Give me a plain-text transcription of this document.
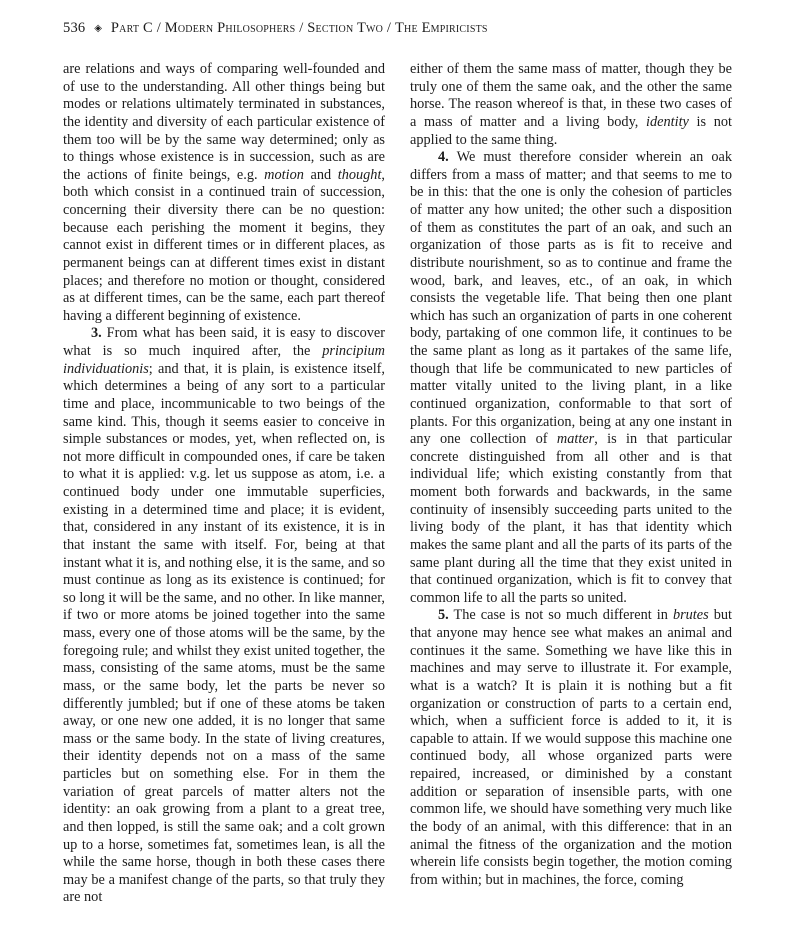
536 ◈ Part C / Modern Philosophers / Section Two / The Empiricists

are relations and ways of comparing well-founded and of use to the understanding. All other things being but modes or relations ultimately terminated in substances, the identity and diversity of each particular existence of them too will be by the same way determined; only as to things whose existence is in succession, such as are the actions of finite beings, e.g. motion and thought, both which consist in a continued train of succession, concerning their diversity there can be no question: because each perishing the moment it begins, they cannot exist in different times or in different places, as permanent beings can at different times exist in distant places; and therefore no motion or thought, considered as at different times, can be the same, each part thereof having a different beginning of existence.

3. From what has been said, it is easy to discover what is so much inquired after, the principium individuationis; and that, it is plain, is existence itself, which determines a being of any sort to a particular time and place, incommunicable to two beings of the same kind. This, though it seems easier to conceive in simple substances or modes, yet, when reflected on, is not more difficult in compounded ones, if care be taken to what it is applied: v.g. let us suppose as atom, i.e. a continued body under one immutable superficies, existing in a determined time and place; it is evident, that, considered in any instant of its existence, it is in that instant the same with itself. For, being at that instant what it is, and nothing else, it is the same, and so must continue as long as its existence is continued; for so long it will be the same, and no other. In like manner, if two or more atoms be joined together into the same mass, every one of those atoms will be the same, by the foregoing rule; and whilst they exist united together, the mass, consisting of the same atoms, must be the same mass, or the same body, let the parts be never so differently jumbled; but if one of these atoms be taken away, or one new one added, it is no longer that same mass or the same body. In the state of living creatures, their identity depends not on a mass of the same particles but on something else. For in them the variation of great parcels of matter alters not the identity: an oak growing from a plant to a great tree, and then lopped, is still the same oak; and a colt grown up to a horse, sometimes fat, sometimes lean, is all the while the same horse, though in both these cases there may be a manifest change of the parts, so that truly they are not

either of them the same mass of matter, though they be truly one of them the same oak, and the other the same horse. The reason whereof is that, in these two cases of a mass of matter and a living body, identity is not applied to the same thing.

4. We must therefore consider wherein an oak differs from a mass of matter; and that seems to me to be in this: that the one is only the cohesion of particles of matter any how united; the other such a disposition of them as constitutes the part of an oak, and such an organization of those parts as is fit to receive and distribute nourishment, so as to continue and frame the wood, bark, and leaves, etc., of an oak, in which consists the vegetable life. That being then one plant which has such an organization of parts in one coherent body, partaking of one common life, it continues to be the same plant as long as it partakes of the same life, though that life be communicated to new particles of matter vitally united to the living plant, in a like continued organization, conformable to that sort of plants. For this organization, being at any one instant in any one collection of matter, is in that particular concrete distinguished from all other and is that individual life; which existing constantly from that moment both forwards and backwards, in the same continuity of insensibly succeeding parts united to the living body of the plant, it has that identity which makes the same plant and all the parts of its parts of the same plant during all the time that they exist united in that continued organization, which is fit to convey that common life to all the parts so united.

5. The case is not so much different in brutes but that anyone may hence see what makes an animal and continues it the same. Something we have like this in machines and may serve to illustrate it. For example, what is a watch? It is plain it is nothing but a fit organization or construction of parts to a certain end, which, when a sufficient force is added to it, it is capable to attain. If we would suppose this machine one continued body, all whose organized parts were repaired, increased, or diminished by a constant addition or separation of insensible parts, with one common life, we should have something very much like the body of an animal, with this difference: that in an animal the fitness of the organization and the motion wherein life consists begin together, the motion coming from within; but in machines, the force, coming
